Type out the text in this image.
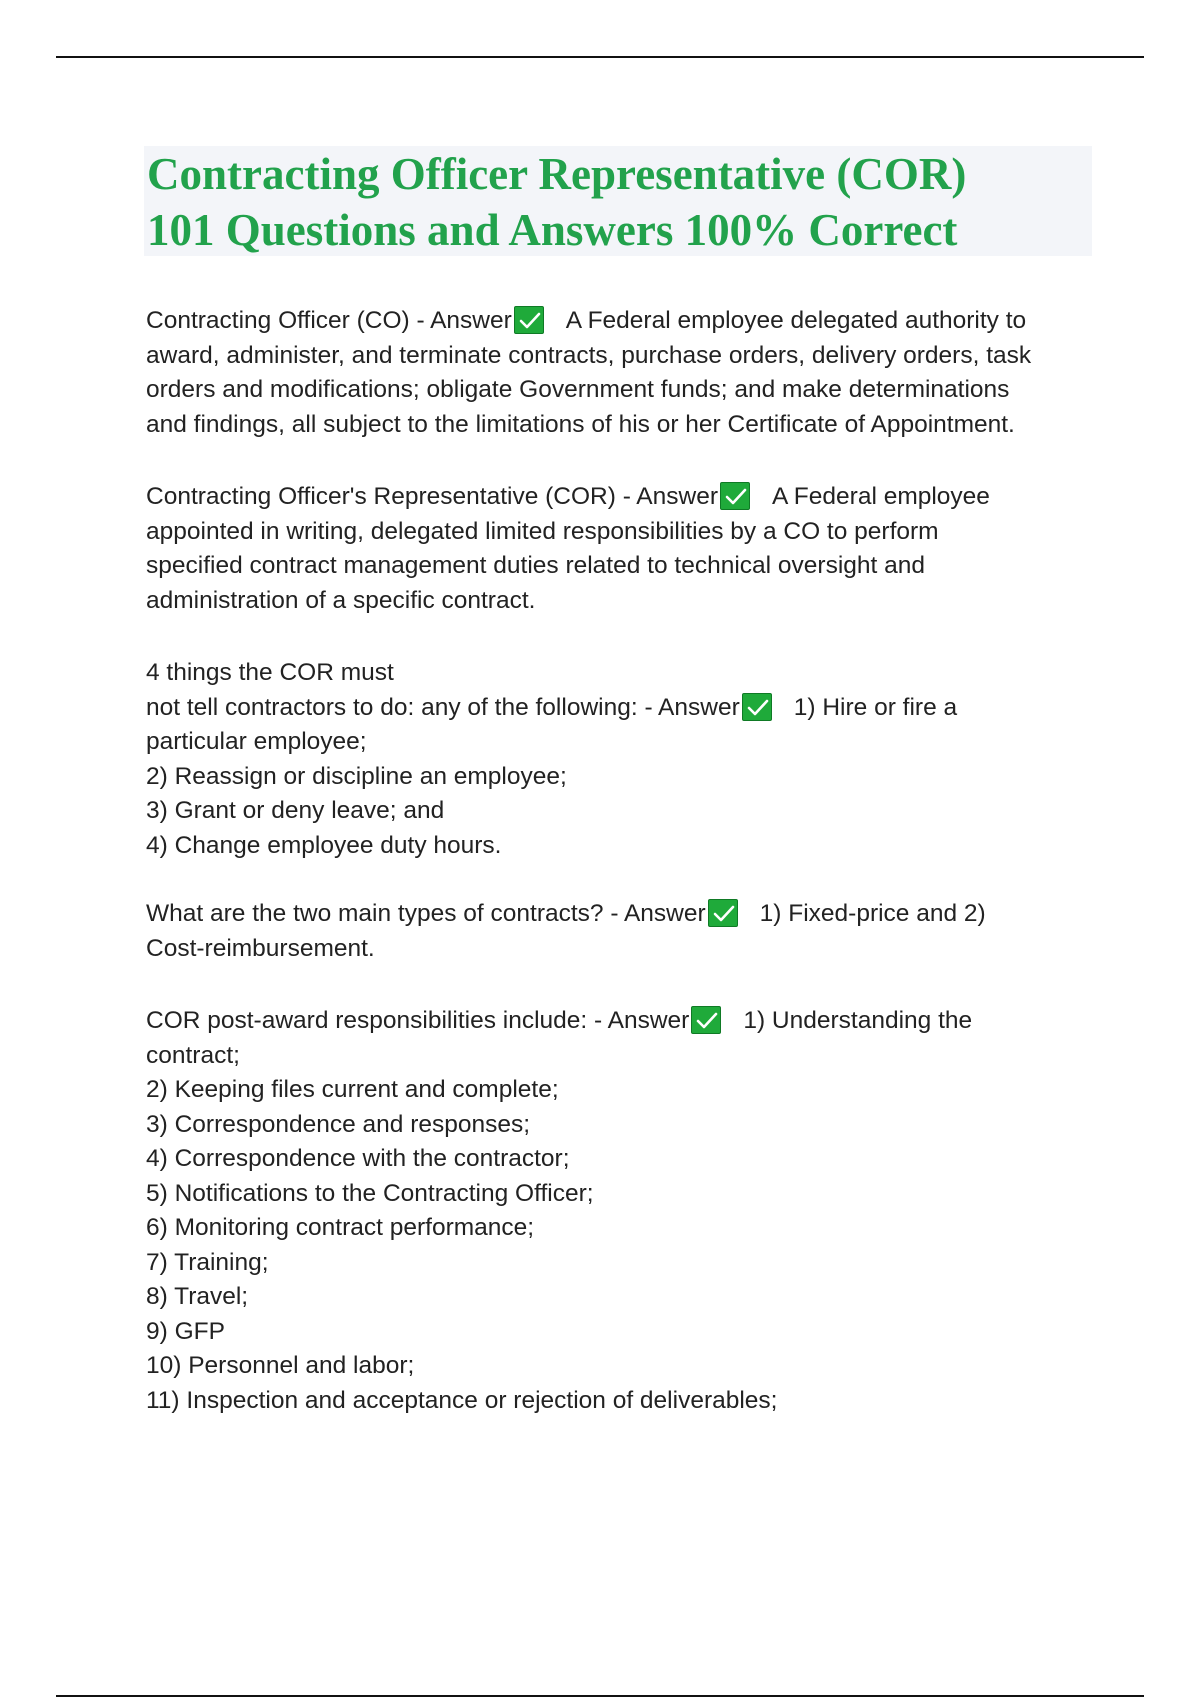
Contracting Officer Representative (COR)
101 Questions and Answers 100% Correct
Contracting Officer (CO) - Answer A Federal employee delegated authority to
award, administer, and terminate contracts, purchase orders, delivery orders, task
orders and modifications; obligate Government funds; and make determinations
and findings, all subject to the limitations of his or her Certificate of Appointment.
Contracting Officer's Representative (COR) - Answer A Federal employee
appointed in writing, delegated limited responsibilities by a CO to perform
specified contract management duties related to technical oversight and
administration of a specific contract.
4 things the COR must
not tell contractors to do: any of the following: - Answer 1) Hire or fire a
particular employee;
2) Reassign or discipline an employee;
3) Grant or deny leave; and
4) Change employee duty hours.
What are the two main types of contracts? - Answer 1) Fixed-price and 2)
Cost-reimbursement.
COR post-award responsibilities include: - Answer 1) Understanding the
contract;
2) Keeping files current and complete;
3) Correspondence and responses;
4) Correspondence with the contractor;
5) Notifications to the Contracting Officer;
6) Monitoring contract performance;
7) Training;
8) Travel;
9) GFP
10) Personnel and labor;
11) Inspection and acceptance or rejection of deliverables;
